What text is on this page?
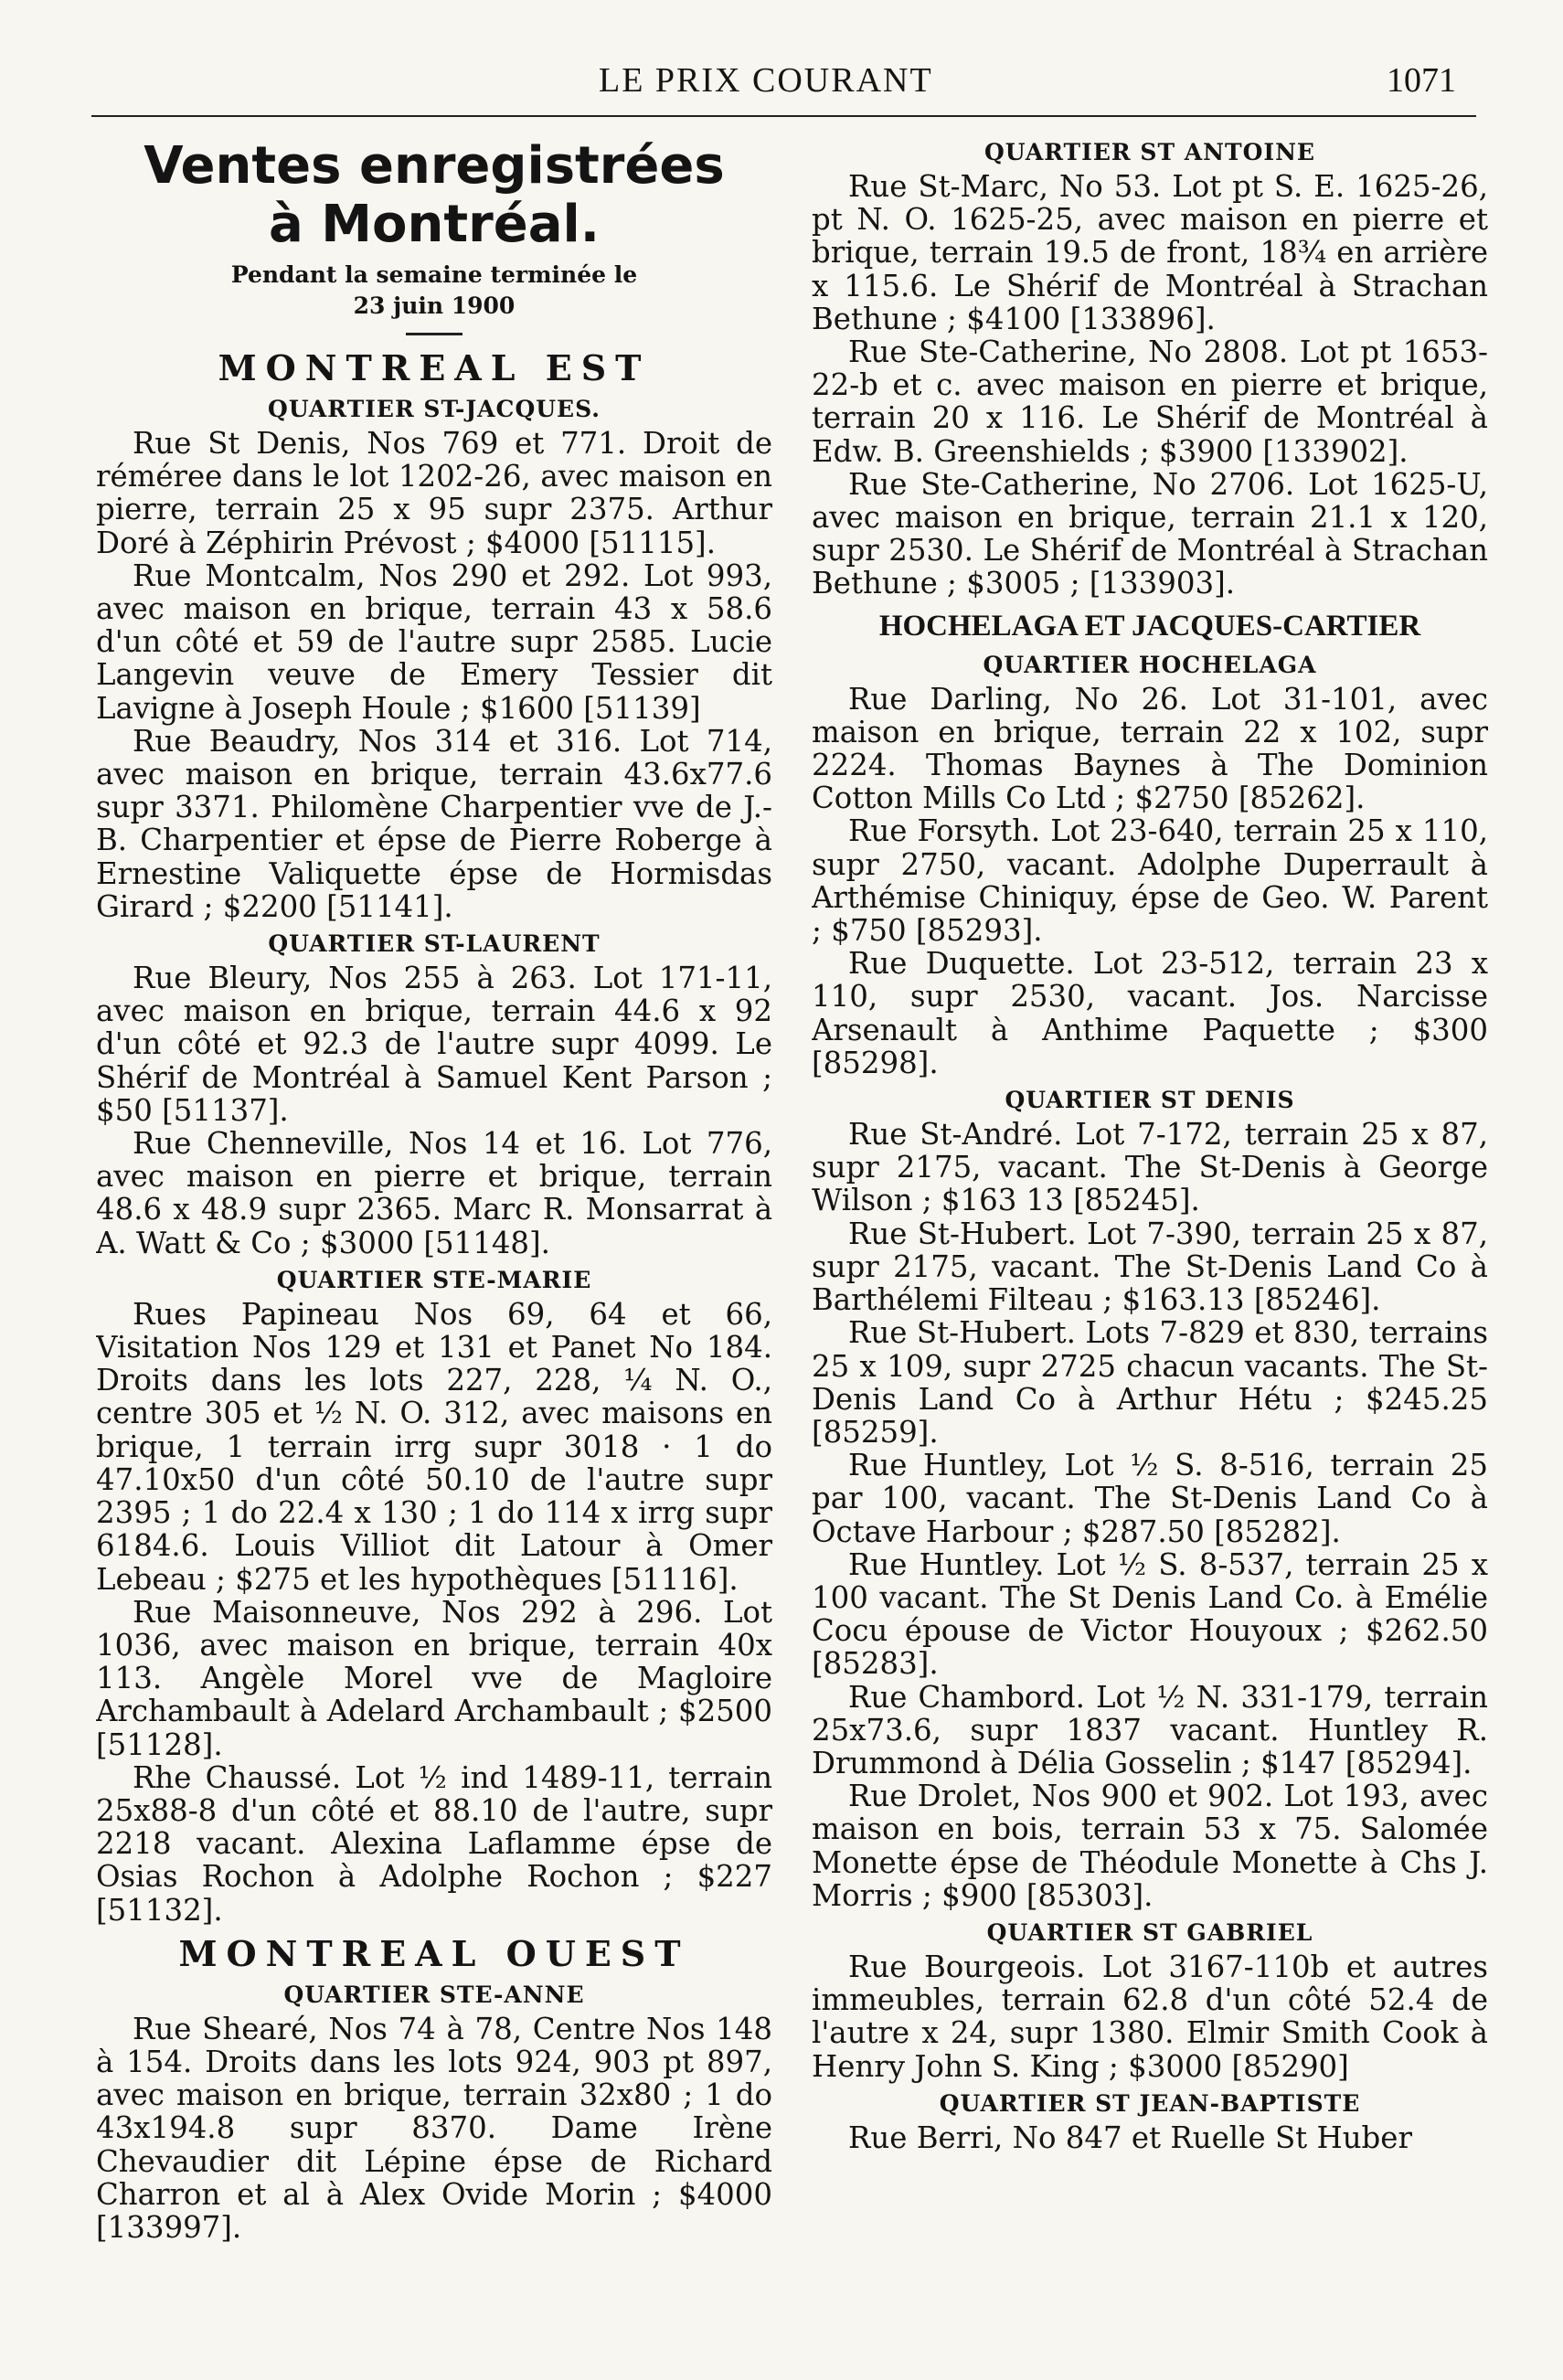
LE PRIX COURANT	1071
Ventes enregistrées
à Montréal.
Pendant la semaine terminée le
23 juin 1900
MONTREAL EST
QUARTIER ST-JACQUES.

Rue St Denis, Nos 769 et 771. Droit de réméree dans le lot 1202-26, avec maison en pierre, terrain 25 x 95 supr 2375. Arthur Doré à Zéphirin Prévost ; $4000 [51115].

Rue Montcalm, Nos 290 et 292. Lot 993, avec maison en brique, terrain 43 x 58.6 d'un côté et 59 de l'autre supr 2585. Lucie Langevin veuve de Emery Tessier dit Lavigne à Joseph Houle ; $1600 [51139]

Rue Beaudry, Nos 314 et 316. Lot 714, avec maison en brique, terrain 43.6x77.6 supr 3371. Philomène Charpentier vve de J.-B. Charpentier et épse de Pierre Roberge à Ernestine Valiquette épse de Hormisdas Girard ; $2200 [51141].

QUARTIER ST-LAURENT

Rue Bleury, Nos 255 à 263. Lot 171-11, avec maison en brique, terrain 44.6 x 92 d'un côté et 92.3 de l'autre supr 4099. Le Shérif de Montréal à Samuel Kent Parson ; $50 [51137].

Rue Chenneville, Nos 14 et 16. Lot 776, avec maison en pierre et brique, terrain 48.6 x 48.9 supr 2365. Marc R. Monsarrat à A. Watt & Co ; $3000 [51148].

QUARTIER STE-MARIE

Rues Papineau Nos 69, 64 et 66, Visitation Nos 129 et 131 et Panet No 184. Droits dans les lots 227, 228, ¼ N. O., centre 305 et ½ N. O. 312, avec maisons en brique, 1 terrain irrg supr 3018 · 1 do 47.10x50 d'un côté 50.10 de l'autre supr 2395 ; 1 do 22.4 x 130 ; 1 do 114 x irrg supr 6184.6. Louis Villiot dit Latour à Omer Lebeau ; $275 et les hypothèques [51116].

Rue Maisonneuve, Nos 292 à 296. Lot 1036, avec maison en brique, terrain 40x 113. Angèle Morel vve de Magloire Archambault à Adelard Archambault ; $2500 [51128].

Rhe Chaussé. Lot ½ ind 1489-11, terrain 25x88-8 d'un côté et 88.10 de l'autre, supr 2218 vacant. Alexina Laflamme épse de Osias Rochon à Adolphe Rochon ; $227 [51132].

MONTREAL OUEST
QUARTIER STE-ANNE

Rue Shearé, Nos 74 à 78, Centre Nos 148 à 154. Droits dans les lots 924, 903 pt 897, avec maison en brique, terrain 32x80 ; 1 do 43x194.8 supr 8370. Dame Irène Chevaudier dit Lépine épse de Richard Charron et al à Alex Ovide Morin ; $4000 [133997].

QUARTIER ST ANTOINE

Rue St-Marc, No 53. Lot pt S. E. 1625-26, pt N. O. 1625-25, avec maison en pierre et brique, terrain 19.5 de front, 18¾ en arrière x 115.6. Le Shérif de Montréal à Strachan Bethune ; $4100 [133896].

Rue Ste-Catherine, No 2808. Lot pt 1653-22-b et c. avec maison en pierre et brique, terrain 20 x 116. Le Shérif de Montréal à Edw. B. Greenshields ; $3900 [133902].

Rue Ste-Catherine, No 2706. Lot 1625-U, avec maison en brique, terrain 21.1 x 120, supr 2530. Le Shérif de Montréal à Strachan Bethune ; $3005 ; [133903].

HOCHELAGA ET JACQUES-CARTIER
QUARTIER HOCHELAGA

Rue Darling, No 26. Lot 31-101, avec maison en brique, terrain 22 x 102, supr 2224. Thomas Baynes à The Dominion Cotton Mills Co Ltd ; $2750 [85262].

Rue Forsyth. Lot 23-640, terrain 25 x 110, supr 2750, vacant. Adolphe Duperrault à Arthémise Chiniquy, épse de Geo. W. Parent ; $750 [85293].

Rue Duquette. Lot 23-512, terrain 23 x 110, supr 2530, vacant. Jos. Narcisse Arsenault à Anthime Paquette ; $300 [85298].

QUARTIER ST DENIS

Rue St-André. Lot 7-172, terrain 25 x 87, supr 2175, vacant. The St-Denis à George Wilson ; $163 13 [85245].

Rue St-Hubert. Lot 7-390, terrain 25 x 87, supr 2175, vacant. The St-Denis Land Co à Barthélemi Filteau ; $163.13 [85246].

Rue St-Hubert. Lots 7-829 et 830, terrains 25 x 109, supr 2725 chacun vacants. The St-Denis Land Co à Arthur Hétu ; $245.25 [85259].

Rue Huntley, Lot ½ S. 8-516, terrain 25 par 100, vacant. The St-Denis Land Co à Octave Harbour ; $287.50 [85282].

Rue Huntley. Lot ½ S. 8-537, terrain 25 x 100 vacant. The St Denis Land Co. à Emélie Cocu épouse de Victor Houyoux ; $262.50 [85283].

Rue Chambord. Lot ½ N. 331-179, terrain 25x73.6, supr 1837 vacant. Huntley R. Drummond à Délia Gosselin ; $147 [85294].

Rue Drolet, Nos 900 et 902. Lot 193, avec maison en bois, terrain 53 x 75. Salomée Monette épse de Théodule Monette à Chs J. Morris ; $900 [85303].

QUARTIER ST GABRIEL

Rue Bourgeois. Lot 3167-110b et autres immeubles, terrain 62.8 d'un côté 52.4 de l'autre x 24, supr 1380. Elmir Smith Cook à Henry John S. King ; $3000 [85290]

QUARTIER ST JEAN-BAPTISTE

Rue Berri, No 847 et Ruelle St Huber
